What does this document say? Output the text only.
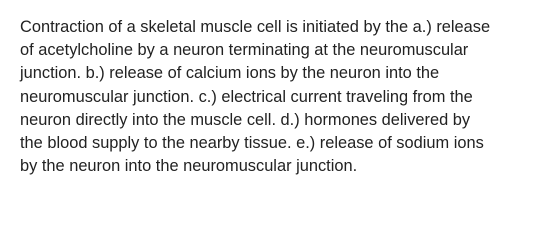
Contraction of a skeletal muscle cell is initiated by the a.) release
of acetylcholine by a neuron terminating at the neuromuscular
junction. b.) release of calcium ions by the neuron into the
neuromuscular junction. c.) electrical current traveling from the
neuron directly into the muscle cell. d.) hormones delivered by
the blood supply to the nearby tissue. e.) release of sodium ions
by the neuron into the neuromuscular junction.
